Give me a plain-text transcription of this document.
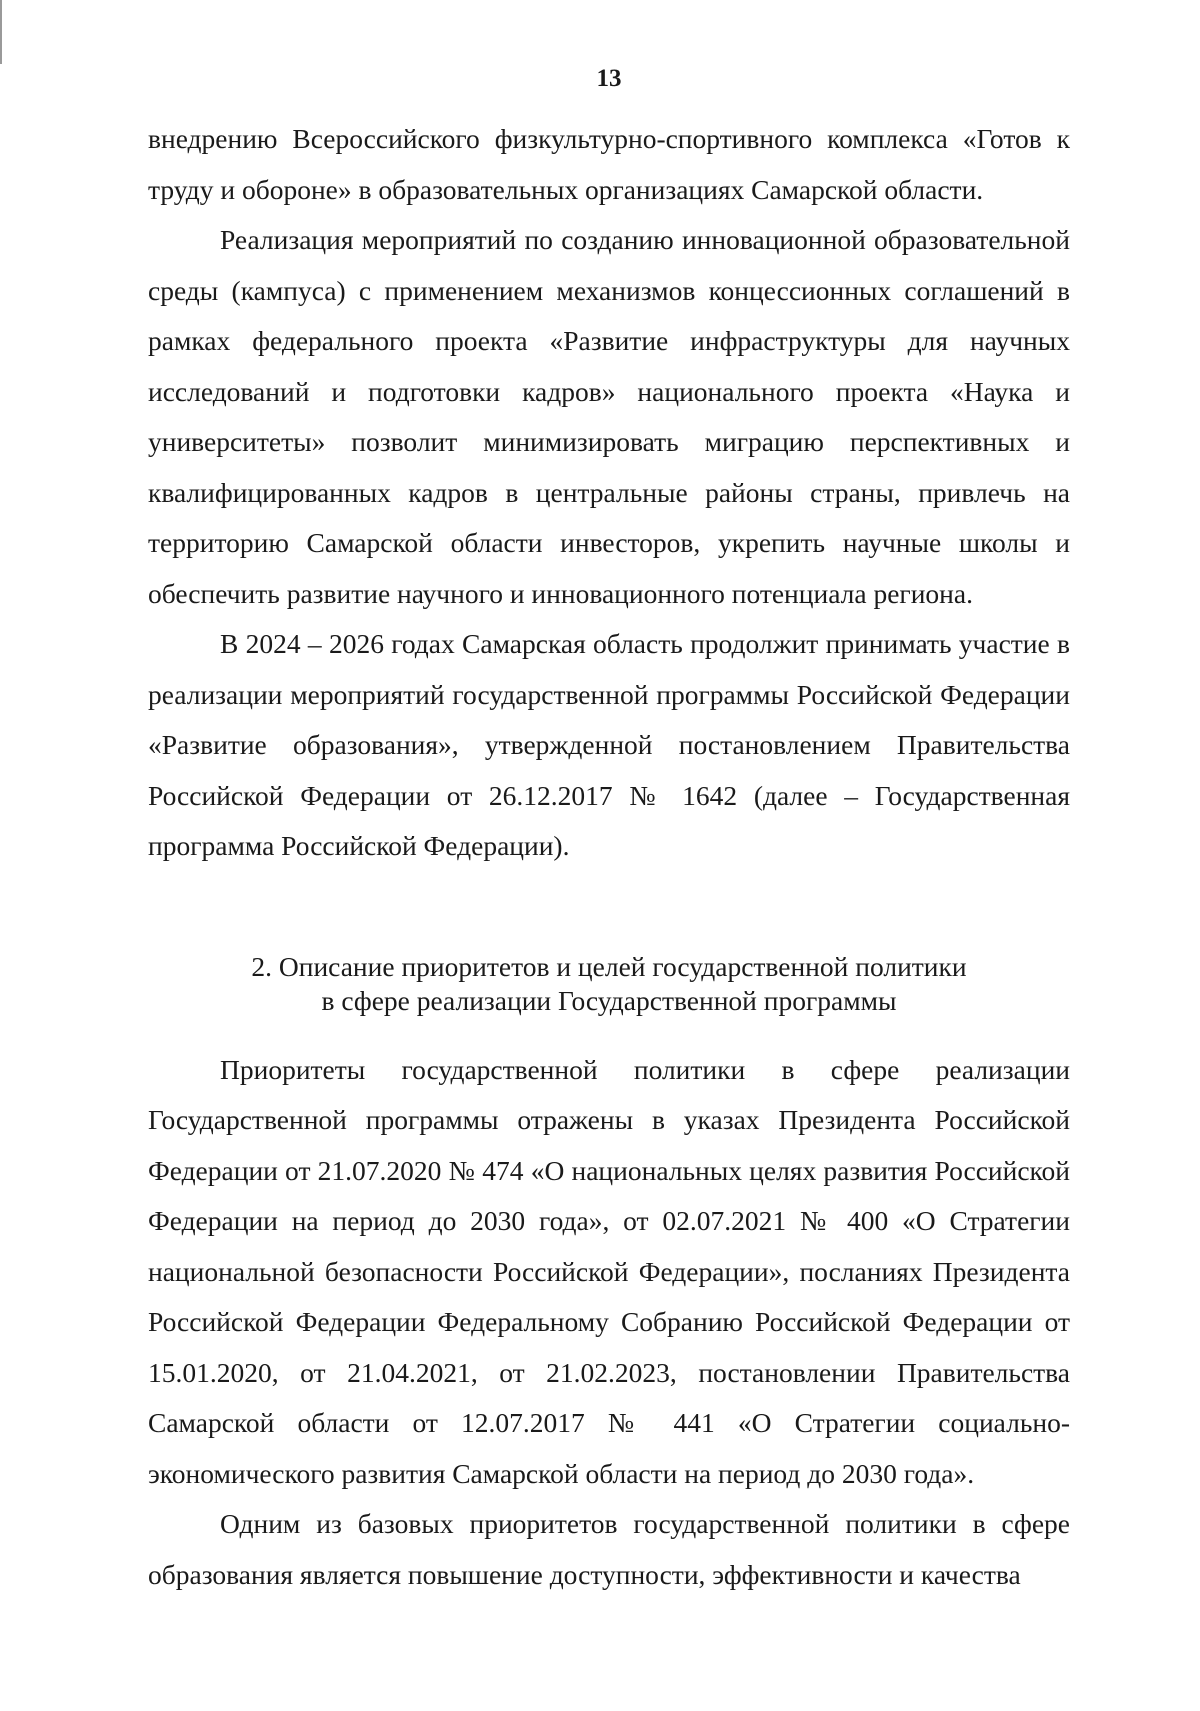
13

внедрению Всероссийского физкультурно-спортивного комплекса «Готов к труду и обороне» в образовательных организациях Самарской области.

Реализация мероприятий по созданию инновационной образовательной среды (кампуса) с применением механизмов концессионных соглашений в рамках федерального проекта «Развитие инфраструктуры для научных исследований и подготовки кадров» национального проекта «Наука и университеты» позволит минимизировать миграцию перспективных и квалифицированных кадров в центральные районы страны, привлечь на территорию Самарской области инвесторов, укрепить научные школы и обеспечить развитие научного и инновационного потенциала региона.

В 2024 – 2026 годах Самарская область продолжит принимать участие в реализации мероприятий государственной программы Российской Федерации «Развитие образования», утвержденной постановлением Правительства Российской Федерации от 26.12.2017 № 1642 (далее – Государственная программа Российской Федерации).

2. Описание приоритетов и целей государственной политики
в сфере реализации Государственной программы

Приоритеты государственной политики в сфере реализации Государственной программы отражены в указах Президента Российской Федерации от 21.07.2020 № 474 «О национальных целях развития Российской Федерации на период до 2030 года», от 02.07.2021 № 400 «О Стратегии национальной безопасности Российской Федерации», посланиях Президента Российской Федерации Федеральному Собранию Российской Федерации от 15.01.2020, от 21.04.2021, от 21.02.2023, постановлении Правительства Самарской области от 12.07.2017 № 441 «О Стратегии социально-экономического развития Самарской области на период до 2030 года».

Одним из базовых приоритетов государственной политики в сфере образования является повышение доступности, эффективности и качества
